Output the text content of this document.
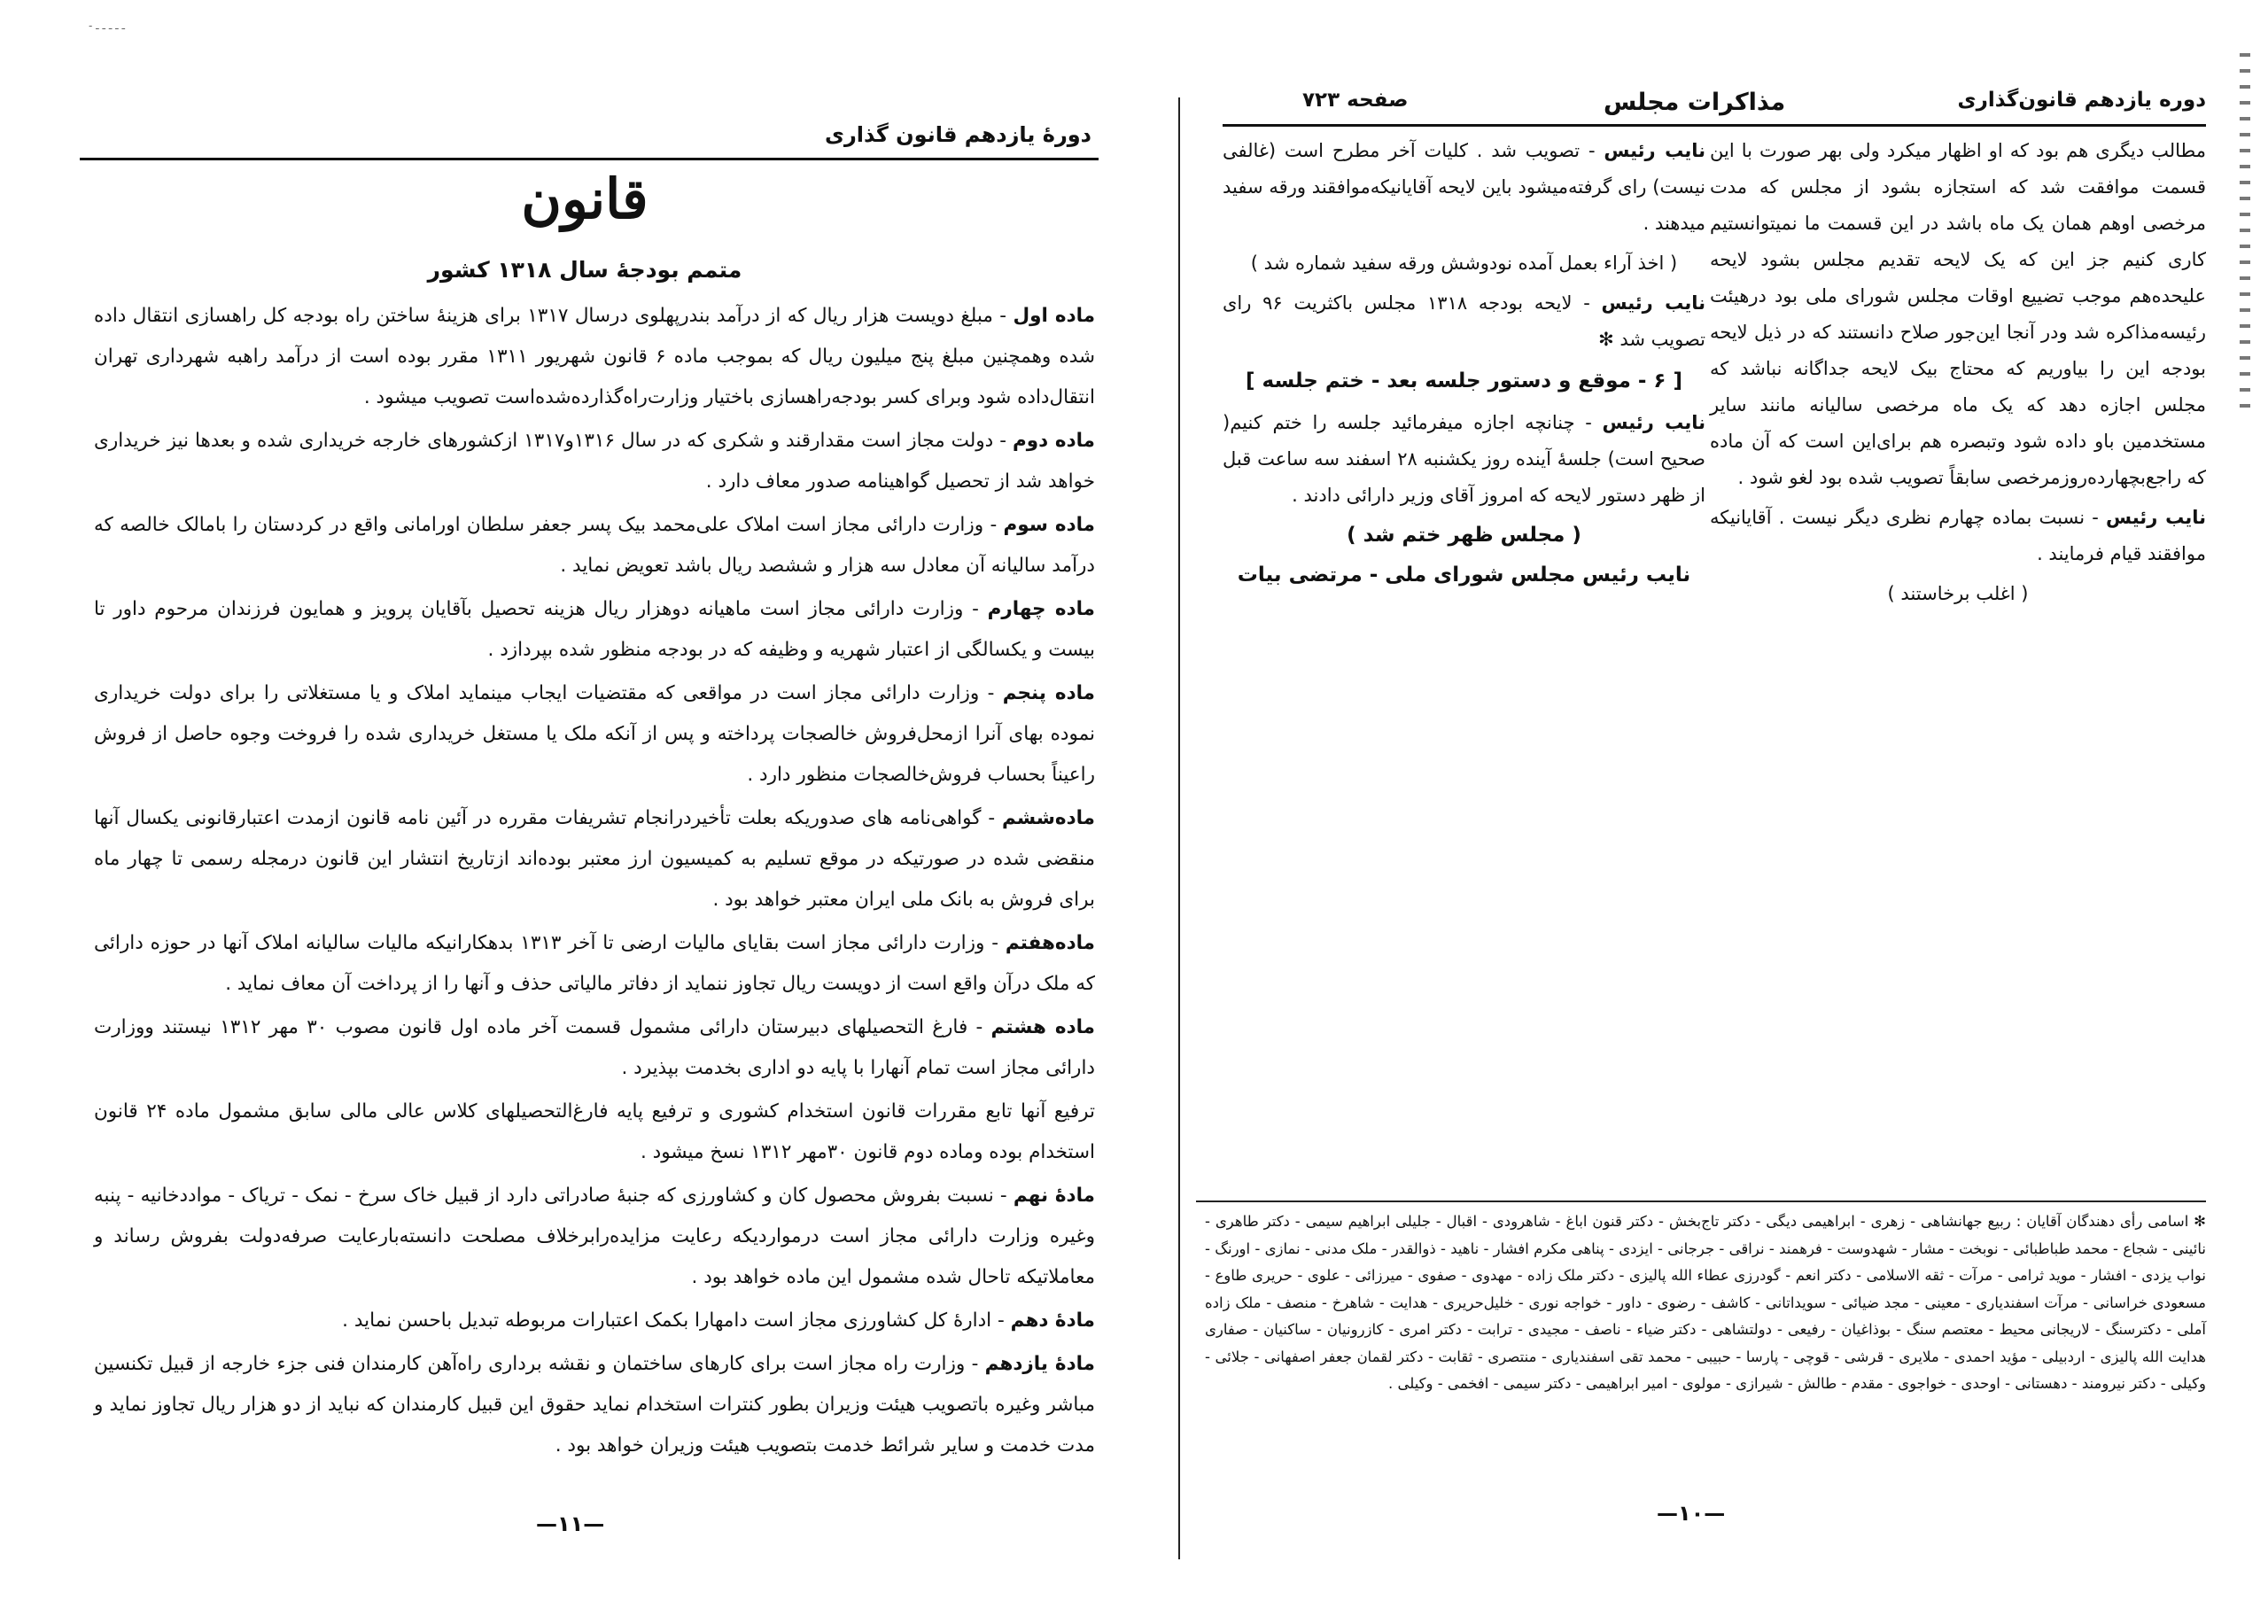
- ـ ـ ـ ـ ـ
دورهٔ یازدهم قانون گذاری
قانون
متمم بودجهٔ سال ۱۳۱۸ کشور

ماده اول - مبلغ دویست هزار ریال که از درآمد بندرپهلوی درسال ۱۳۱۷ برای هزینهٔ ساختن راه بودجه کل راهسازی انتقال داده شده وهمچنین مبلغ پنج میلیون ریال که بموجب ماده ۶ قانون شهریور ۱۳۱۱ مقرر بوده است از درآمد راهبه شهرداری تهران انتقال‌داده شود وبرای کسر بودجه‌راهسازی باختیار وزارت‌راه‌گذارده‌شده‌است تصویب میشود .

ماده دوم - دولت مجاز است مقدارقند و شکری که در سال ۱۳۱۶و۱۳۱۷ ازکشورهای خارجه خریداری شده و بعدها نیز خریداری خواهد شد از تحصیل گواهینامه صدور معاف دارد .

ماده سوم - وزارت دارائی مجاز است املاک علی‌محمد بیک پسر جعفر سلطان اورامانی واقع در کردستان را بامالک خالصه که درآمد سالیانه آن معادل سه هزار و ششصد ریال باشد تعویض نماید .

ماده چهارم - وزارت دارائی مجاز است ماهیانه دوهزار ریال هزینه تحصیل بآقایان پرویز و همایون فرزندان مرحوم داور تا بیست و یکسالگی از اعتبار شهریه و وظیفه که در بودجه منظور شده بپردازد .

ماده پنجم - وزارت دارائی مجاز است در مواقعی که مقتضیات ایجاب مینماید املاک و یا مستغلاتی را برای دولت خریداری نموده بهای آنرا ازمحل‌فروش خالصجات پرداخته و پس از آنکه ملک یا مستغل خریداری شده را فروخت وجوه حاصل از فروش راعیناً بحساب فروش‌خالصجات منظور دارد .

ماده‌ششم - گواهی‌نامه های صدوریکه بعلت تأخیردرانجام تشریفات مقرره در آئین نامه قانون ازمدت اعتبارقانونی یکسال آنها منقضی شده در صورتیکه در موقع تسلیم به کمیسیون ارز معتبر بوده‌اند ازتاریخ انتشار این قانون درمجله رسمی تا چهار ماه برای فروش به بانک ملی ایران معتبر خواهد بود .

ماده‌هفتم - وزارت دارائی مجاز است بقایای مالیات ارضی تا آخر ۱۳۱۳ بدهکارانیکه مالیات سالیانه املاک آنها در حوزه دارائی که ملک درآن واقع است از دویست ریال تجاوز ننماید از دفاتر مالیاتی حذف و آنها را از پرداخت آن معاف نماید .

ماده هشتم - فارغ التحصیلهای دبیرستان دارائی مشمول قسمت آخر ماده اول قانون مصوب ۳۰ مهر ۱۳۱۲ نیستند ووزارت دارائی مجاز است تمام آنهارا با پایه دو اداری بخدمت بپذیرد .

ترفیع آنها تابع مقررات قانون استخدام کشوری و ترفیع پایه فارغ‌التحصیلهای کلاس عالی مالی سابق مشمول ماده ۲۴ قانون استخدام بوده وماده دوم قانون ۳۰مهر ۱۳۱۲ نسخ میشود .

مادهٔ نهم - نسبت بفروش محصول کان و کشاورزی که جنبهٔ صادراتی دارد از قبیل خاک سرخ - نمک - تریاک - مواددخانیه - پنبه وغیره وزارت دارائی مجاز است درمواردیکه رعایت مزایده‌رابرخلاف مصلحت دانسته‌بارعایت صرفه‌دولت بفروش رساند و معاملاتیکه تاحال شده مشمول این ماده خواهد بود .

مادهٔ دهم - ادارهٔ کل کشاورزی مجاز است دامهارا بکمک اعتبارات مربوطه تبدیل باحسن نماید .

مادهٔ یازدهم - وزارت راه مجاز است برای کارهای ساختمان و نقشه برداری راه‌آهن کارمندان فنی جزء خارجه از قبیل تکنسین مباشر وغیره باتصویب هیئت وزیران بطور کنترات استخدام نماید حقوق این قبیل کارمندان که نباید از دو هزار ریال تجاوز نماید و مدت خدمت و سایر شرائط خدمت بتصویب هیئت وزیران خواهد بود .

—۱۱—
صفحه ۷۲۳	مذاکرات مجلس	دوره یازدهم قانون‌گذاری

مطالب دیگری هم بود که او اظهار میکرد ولی بهر صورت با این قسمت موافقت شد که استجازه بشود از مجلس که مدت مرخصی اوهم همان یک ماه باشد در این قسمت ما نمیتوانستیم کاری کنیم جز این که یک لایحه تقدیم مجلس بشود لایحه علیحده‌هم موجب تضییع اوقات مجلس شورای ملی بود درهیئت رئیسه‌مذاکره شد ودر آنجا این‌جور صلاح دانستند که در ذیل لایحه بودجه این را بیاوریم که محتاج بیک لایحه جداگانه نباشد که مجلس اجازه دهد که یک ماه مرخصی سالیانه مانند سایر مستخدمین باو داده شود وتبصره هم برای‌این است که آن ماده که راجع‌بچهارده‌روز‌مرخصی سابقاً تصویب شده بود لغو شود .

نایب رئیس - نسبت بماده چهارم نظری دیگر نیست . آقایانیکه موافقند قیام فرمایند .

( اغلب برخاستند )

نایب رئیس - تصویب شد . کلیات آخر مطرح است (غالفی نیست) رای گرفته‌میشود باین لایحه آقایانیکه‌موافقند ورقه سفید میدهند .

( اخذ آراء بعمل آمده نودوشش ورقه سفید شماره شد )

نایب رئیس - لایحه بودجه ۱۳۱۸ مجلس باکثریت ۹۶ رای تصویب شد ✻

[ ۶ - موقع و دستور جلسه بعد - ختم جلسه ]

نایب رئیس - چنانچه اجازه میفرمائید جلسه را ختم کنیم( صحیح است) جلسهٔ آینده روز یکشنبه ۲۸ اسفند سه ساعت قبل از ظهر دستور لایحه که امروز آقای وزیر دارائی دادند .

( مجلس ظهر ختم شد )

نایب رئیس مجلس شورای ملی - مرتضی بیات

✻ اسامی رأی دهندگان آقایان : ربیع جهانشاهی - زهری - ابراهیمی دیگی - دکتر تاج‌بخش - دکتر قنون اباغ - شاهرودی - اقبال - جلیلی ابراهیم سیمی - دکتر طاهری - نائینی - شجاع - محمد طباطبائی - نوبخت - مشار - شهدوست - فرهمند - نراقی - جرجانی - ایزدی - پناهی مکرم افشار - ناهید - ذوالقدر - ملک مدنی - نمازی - اورنگ - نواب یزدی - افشار - موید ثرامی - مرآت - ثقه الاسلامی - دکتر انعم - گودرزی عطاء الله پالیزی - دکتر ملک زاده - مهدوی - صفوی - میرزائی - علوی - حریری طاوع - مسعودی خراسانی - مرآت اسفندیاری - معینی - مجد ضیائی - سویداتانی - کاشف - رضوی - داور - خواجه نوری - خلیل‌حریری - هدایت - شاهرخ - منصف - ملک زاده آملی - دکترسنگ - لاریجانی محیط - معتصم سنگ - بوذاغیان - رفیعی - دولتشاهی - دکتر ضیاء - ناصف - مجیدی - ترابت - دکتر امری - کازرونیان - ساکنیان - صفاری هدایت الله پالیزی - اردبیلی - مؤید احمدی - ملایری - قرشی - قوچی - پارسا - حبیبی - محمد تقی اسفندیاری - منتصری - ثقابت - دکتر لقمان جعفر اصفهانی - جلائی - وکیلی - دکتر نیرومند - دهستانی - اوحدی - خواجوی - مقدم - طالش - شیرازی - مولوی - امیر ابراهیمی - دکتر سیمی - افخمی - وکیلی .
—۱۰—
